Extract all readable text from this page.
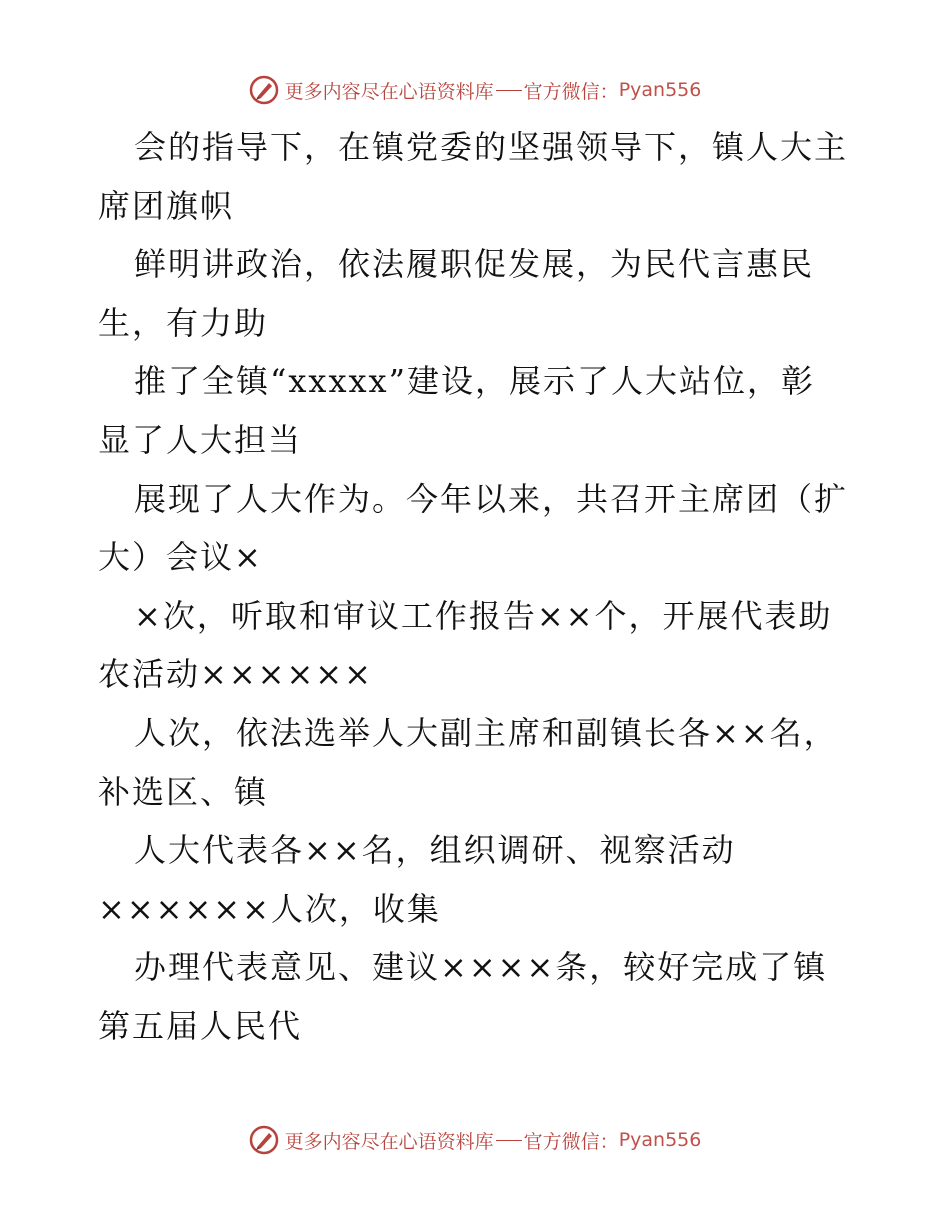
更多内容尽在心语资料库 官方微信： Pyan556
会的指导下，在镇党委的坚强领导下，镇人大主
席团旗帜
鲜明讲政治，依法履职促发展，为民代言惠民
生，有力助
推了全镇“xxxxx”建设，展示了人大站位，彰
显了人大担当
展现了人大作为。今年以来，共召开主席团（扩
大）会议×
×次，听取和审议工作报告××个，开展代表助
农活动××××××
人次，依法选举人大副主席和副镇长各××名，
补选区、镇
人大代表各××名，组织调研、视察活动
××××××人次，收集
办理代表意见、建议××××条，较好完成了镇
第五届人民代
更多内容尽在心语资料库 官方微信： Pyan556
